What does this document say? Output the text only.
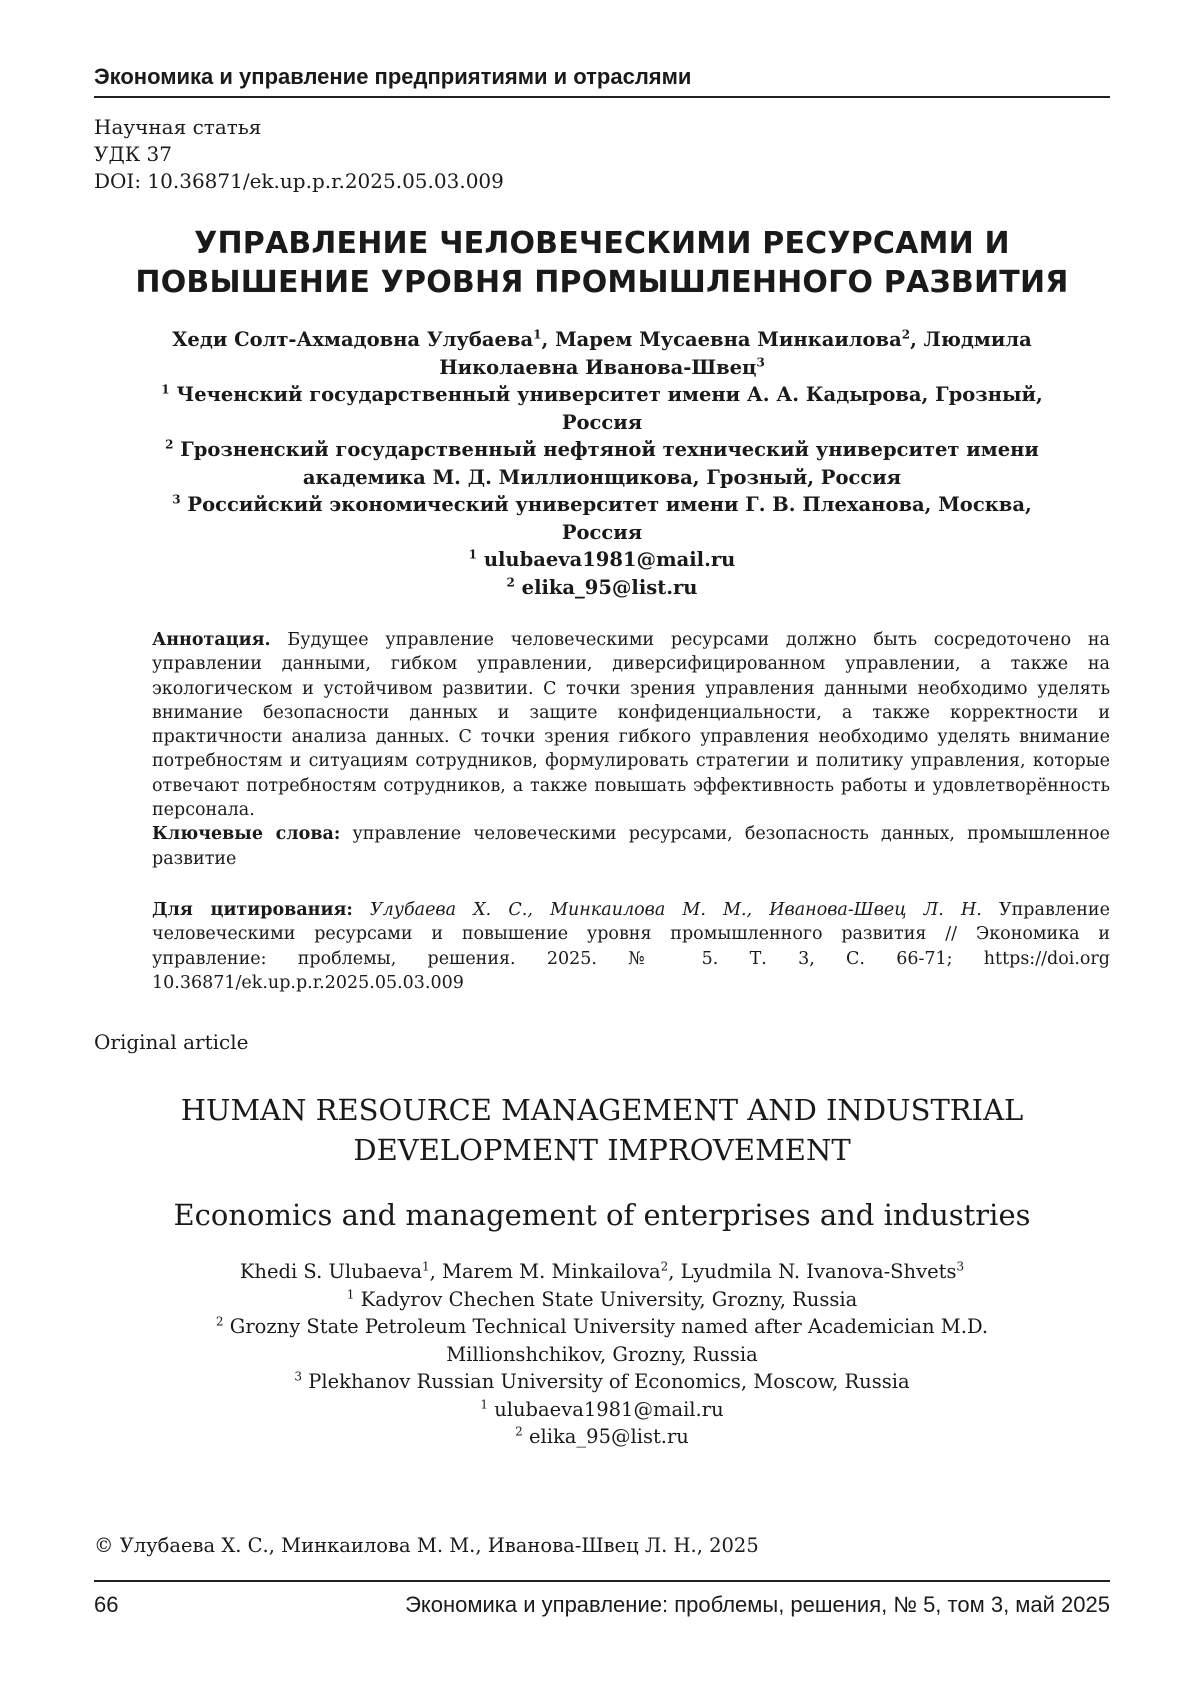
Экономика и управление предприятиями и отраслями
Научная статья
УДК 37
DOI: 10.36871/ek.up.p.r.2025.05.03.009
УПРАВЛЕНИЕ ЧЕЛОВЕЧЕСКИМИ РЕСУРСАМИ И
ПОВЫШЕНИЕ УРОВНЯ ПРОМЫШЛЕННОГО РАЗВИТИЯ
Хеди Солт-Ахмадовна Улубаева$^1$, Марем Мусаевна Минкаилова$^2$, Людмила
Николаевна Иванова-Швец$^3$
$^1$ Чеченский государственный университет имени А. А. Кадырова, Грозный,
Россия
$^2$ Грозненский государственный нефтяной технический университет имени
академика М. Д. Миллионщикова, Грозный, Россия
$^3$ Российский экономический университет имени Г. В. Плеханова, Москва,
Россия
$^1$ ulubaeva1981@mail.ru
$^2$ elika_95@list.ru

Аннотация. Будущее управление человеческими ресурсами должно быть сосредоточено на управлении данными, гибком управлении, диверсифицированном управлении, а также на экологическом и устойчивом развитии. С точки зрения управления данными необходимо уделять внимание безопасности данных и защите конфиденциальности, а также корректности и практичности анализа данных. С точки зрения гибкого управления необходимо уделять внимание потребностям и ситуациям сотрудников, формулировать стратегии и политику управления, которые отвечают потребностям сотрудников, а также повышать эффективность работы и удовлетворённость персонала.

Ключевые слова: управление человеческими ресурсами, безопасность данных, промышленное развитие

Для цитирования: Улубаева Х. С., Минкаилова М. М., Иванова-Швец Л. Н. Управление человеческими ресурсами и повышение уровня промышленного развития // Экономика и управление: проблемы, решения. 2025. № 5. Т. 3, С. 66-71; https://doi.org 10.36871/ek.up.p.r.2025.05.03.009

Original article
HUMAN RESOURCE MANAGEMENT AND INDUSTRIAL
DEVELOPMENT IMPROVEMENT
Economics and management of enterprises and industries
Khedi S. Ulubaeva$^1$, Marem M. Minkailova$^2$, Lyudmila N. Ivanova-Shvets$^3$
$^1$ Kadyrov Chechen State University, Grozny, Russia
$^2$ Grozny State Petroleum Technical University named after Academician M.D.
Millionshchikov, Grozny, Russia
$^3$ Plekhanov Russian University of Economics, Moscow, Russia
$^1$ ulubaeva1981@mail.ru
$^2$ elika_95@list.ru
© Улубаева Х. С., Минкаилова М. М., Иванова-Швец Л. Н., 2025
66	Экономика и управление: проблемы, решения, № 5, том 3, май 2025
